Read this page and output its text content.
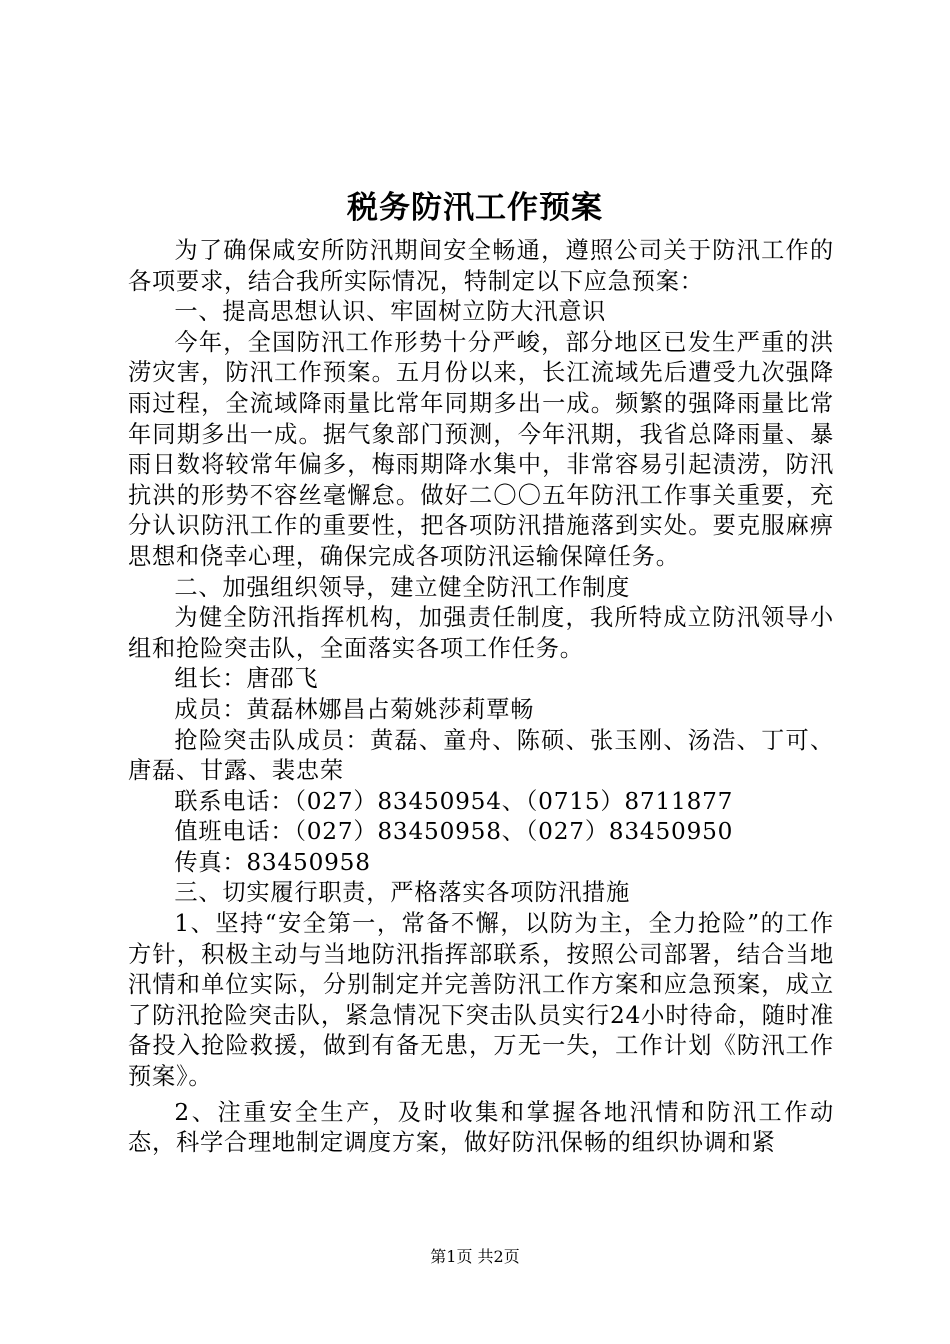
税务防汛工作预案

为了确保咸安所防汛期间安全畅通，遵照公司关于防汛工作的各项要求，结合我所实际情况，特制定以下应急预案：

一、提高思想认识、牢固树立防大汛意识

今年，全国防汛工作形势十分严峻，部分地区已发生严重的洪涝灾害，防汛工作预案。五月份以来，长江流域先后遭受九次强降雨过程，全流域降雨量比常年同期多出一成。频繁的强降雨量比常年同期多出一成。据气象部门预测，今年汛期，我省总降雨量、暴雨日数将较常年偏多，梅雨期降水集中，非常容易引起渍涝，防汛抗洪的形势不容丝毫懈怠。做好二〇〇五年防汛工作事关重要，充分认识防汛工作的重要性，把各项防汛措施落到实处。要克服麻痹思想和侥幸心理，确保完成各项防汛运输保障任务。

二、加强组织领导，建立健全防汛工作制度

为健全防汛指挥机构，加强责任制度，我所特成立防汛领导小组和抢险突击队，全面落实各项工作任务。

组长：唐邵飞

成员：黄磊林娜昌占菊姚莎莉覃畅

抢险突击队成员：黄磊、童舟、陈硕、张玉刚、汤浩、丁可、唐磊、甘露、裴忠荣

联系电话：（027）83450954、（0715）8711877

值班电话：（027）83450958、（027）83450950

传真：83450958

三、切实履行职责，严格落实各项防汛措施

1、坚持“安全第一，常备不懈，以防为主，全力抢险”的工作方针，积极主动与当地防汛指挥部联系，按照公司部署，结合当地汛情和单位实际，分别制定并完善防汛工作方案和应急预案，成立了防汛抢险突击队，紧急情况下突击队员实行24小时待命，随时准备投入抢险救援，做到有备无患，万无一失，工作计划《防汛工作预案》。

2、注重安全生产，及时收集和掌握各地汛情和防汛工作动态，科学合理地制定调度方案，做好防汛保畅的组织协调和紧

第1页 共2页
